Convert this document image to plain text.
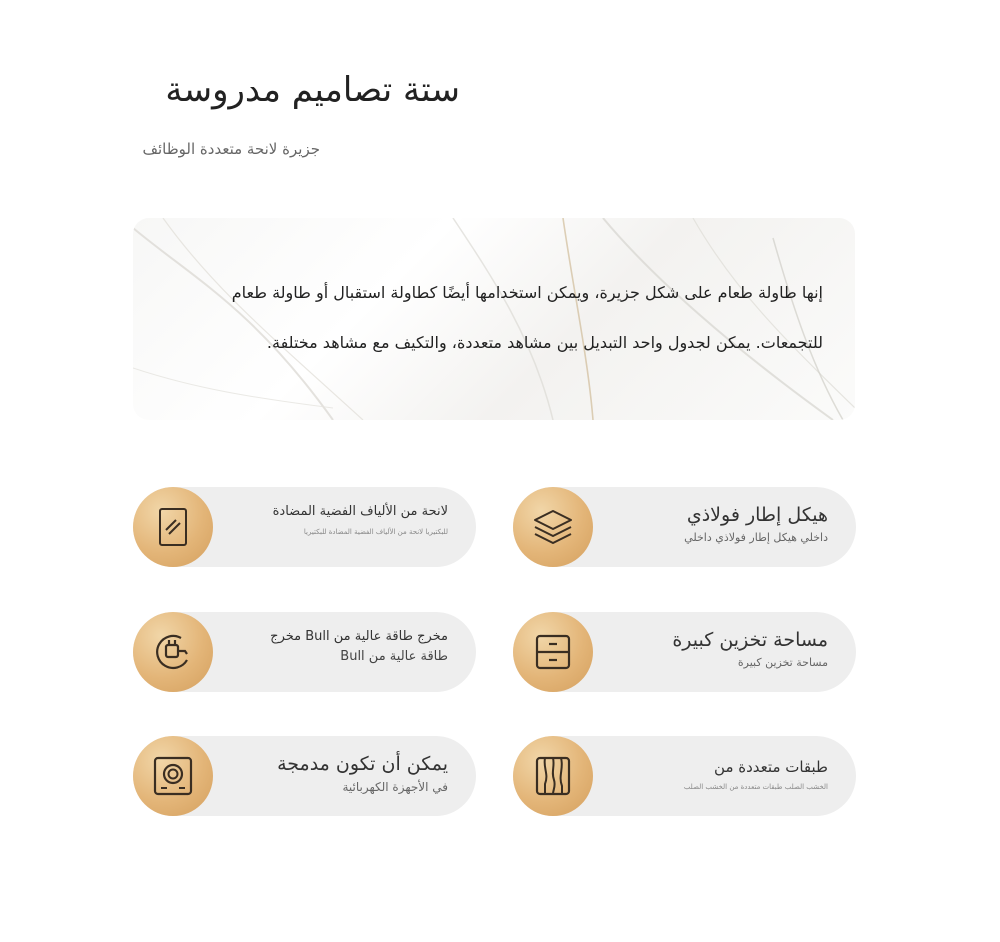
ستة تصاميم مدروسة
جزيرة لانحة متعددة الوظائف
إنها طاولة طعام على شكل جزيرة، ويمكن استخدامها أيضًا كطاولة استقبال أو طاولة طعام
للتجمعات. يمكن لجدول واحد التبديل بين مشاهد متعددة، والتكيف مع مشاهد مختلفة.
لانحة من الألياف الفضية المضادة
للبكتيريا لانحة من الألياف الفضية المضادة للبكتيريا
هيكل إطار فولاذي
داخلي هيكل إطار فولاذي داخلي
مخرج طاقة عالية من Bull مخرج
طاقة عالية من Bull
مساحة تخزين كبيرة
مساحة تخزين كبيرة
يمكن أن تكون مدمجة
في الأجهزة الكهربائية
طبقات متعددة من
الخشب الصلب طبقات متعددة من الخشب الصلب
